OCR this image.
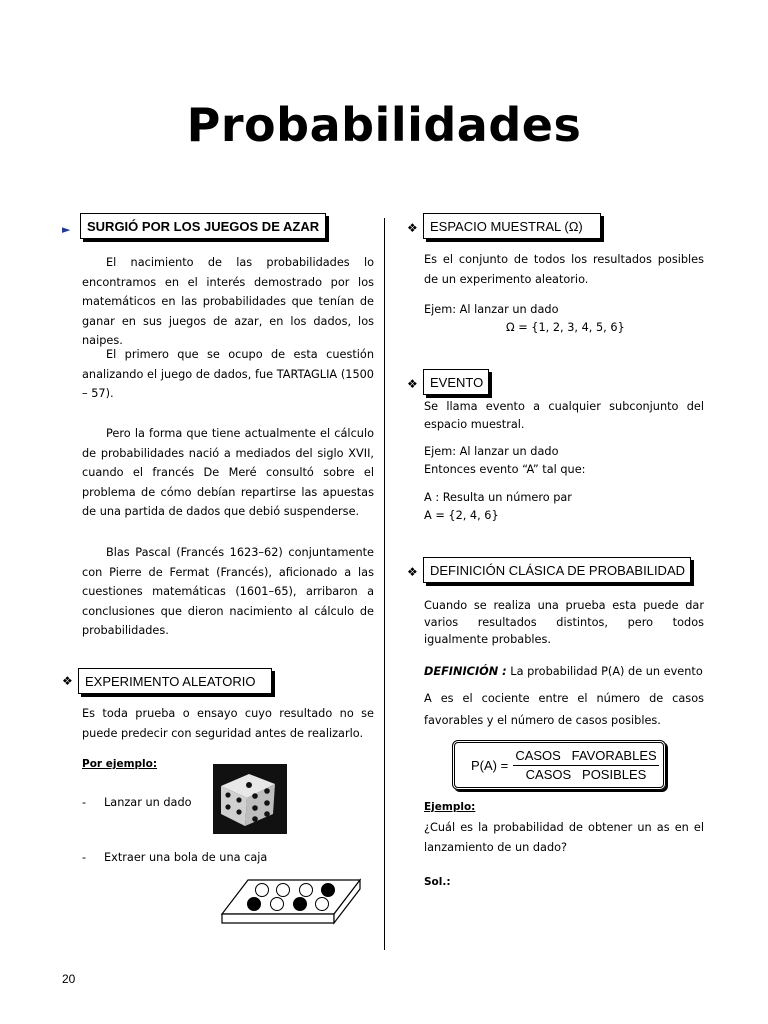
Probabilidades
►	SURGIÓ POR LOS JUEGOS DE AZAR

El nacimiento de las probabilidades lo encontramos en el interés demostrado por los matemáticos en las probabilidades que tenían de ganar en sus juegos de azar, en los dados, los naipes.

El primero que se ocupo de esta cuestión analizando el juego de dados, fue TARTAGLIA (1500 – 57).

Pero la forma que tiene actualmente el cálculo de probabilidades nació a mediados del siglo XVII, cuando el francés De Meré consultó sobre el problema de cómo debían repartirse las apuestas de una partida de dados que debió suspenderse.

Blas Pascal (Francés 1623–62) conjuntamente con Pierre de Fermat (Francés), aficionado a las cuestiones matemáticas (1601–65), arribaron a conclusiones que dieron nacimiento al cálculo de probabilidades.

❖ EXPERIMENTO ALEATORIO

Es toda prueba o ensayo cuyo resultado no se puede predecir con seguridad antes de realizarlo.

Por ejemplo:

- Lanzar un dado

- Extraer una bola de una caja

❖ ESPACIO MUESTRAL (Ω)

Es el conjunto de todos los resultados posibles de un experimento aleatorio.

Ejem: Al lanzar un dado

Ω = {1, 2, 3, 4, 5, 6}

❖ EVENTO

Se llama evento a cualquier subconjunto del espacio muestral.

Ejem: Al lanzar un dado

Entonces evento “A” tal que:

A : Resulta un número par

A = {2, 4, 6}

❖ DEFINICIÓN CLÁSICA DE PROBABILIDAD

Cuando se realiza una prueba esta puede dar varios resultados distintos, pero todos igualmente probables.

DEFINICIÓN : La probabilidad P(A) de un evento

A es el cociente entre el número de casos favorables y el número de casos posibles.

P(A) =
CASOS   FAVORABLES
CASOS   POSIBLES

Ejemplo:

¿Cuál es la probabilidad de obtener un as en el lanzamiento de un dado?

Sol.:

20
